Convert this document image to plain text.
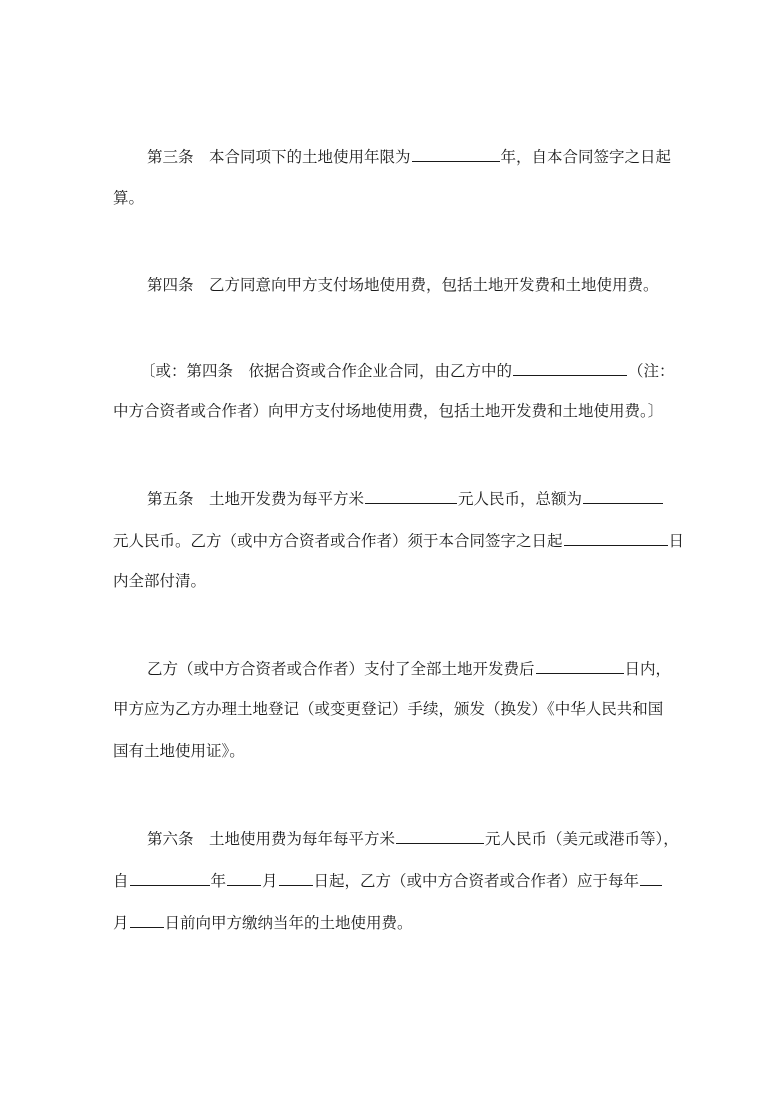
第三条　本合同项下的土地使用年限为	年，自本合同签字之日起
算。
第四条　乙方同意向甲方支付场地使用费，包括土地开发费和土地使用费。
〔或：第四条　依据合资或合作企业合同，由乙方中的	（注：
中方合资者或合作者）向甲方支付场地使用费，包括土地开发费和土地使用费。〕
第五条　土地开发费为每平方米	元人民币，总额为
元人民币。乙方（或中方合资者或合作者）须于本合同签字之日起	日
内全部付清。
乙方（或中方合资者或合作者）支付了全部土地开发费后	日内，
甲方应为乙方办理土地登记（或变更登记）手续，颁发（换发）《中华人民共和国
国有土地使用证》。
第六条　土地使用费为每年每平方米	元人民币（美元或港币等），
自	年 月 日起，乙方（或中方合资者或合作者）应于每年
月 日前向甲方缴纳当年的土地使用费。
